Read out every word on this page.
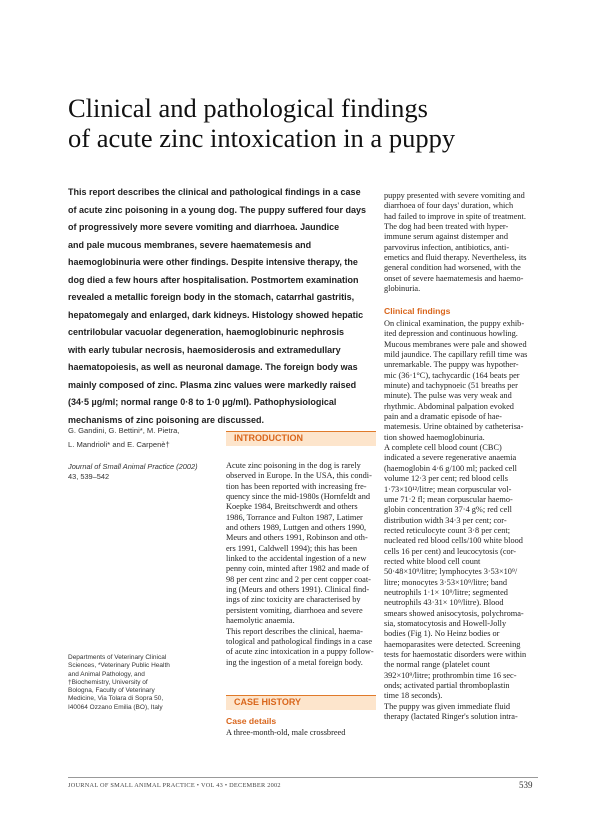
Clinical and pathological findings
of acute zinc intoxication in a puppy
This report describes the clinical and pathological findings in a case
of acute zinc poisoning in a young dog. The puppy suffered four days
of progressively more severe vomiting and diarrhoea. Jaundice
and pale mucous membranes, severe haematemesis and
haemoglobinuria were other findings. Despite intensive therapy, the
dog died a few hours after hospitalisation. Postmortem examination
revealed a metallic foreign body in the stomach, catarrhal gastritis,
hepatomegaly and enlarged, dark kidneys. Histology showed hepatic
centrilobular vacuolar degeneration, haemoglobinuric nephrosis
with early tubular necrosis, haemosiderosis and extramedullary
haematopoiesis, as well as neuronal damage. The foreign body was
mainly composed of zinc. Plasma zinc values were markedly raised
(34·5 µg/ml; normal range 0·8 to 1·0 µg/ml). Pathophysiological
mechanisms of zinc poisoning are discussed.
G. Gandini, G. Bettini*, M. Pietra,
L. Mandrioli* and E. Carpenè†
Journal of Small Animal Practice (2002)
43, 539–542
Departments of Veterinary Clinical
Sciences, *Veterinary Public Health
and Animal Pathology, and
†Biochemistry, University of
Bologna, Faculty of Veterinary
Medicine, Via Tolara di Sopra 50,
I40064 Ozzano Emilia (BO), Italy
INTRODUCTION
Acute zinc poisoning in the dog is rarely
observed in Europe. In the USA, this condi-
tion has been reported with increasing fre-
quency since the mid-1980s (Hornfeldt and
Koepke 1984, Breitschwerdt and others
1986, Torrance and Fulton 1987, Latimer
and others 1989, Luttgen and others 1990,
Meurs and others 1991, Robinson and oth-
ers 1991, Caldwell 1994); this has been
linked to the accidental ingestion of a new
penny coin, minted after 1982 and made of
98 per cent zinc and 2 per cent copper coat-
ing (Meurs and others 1991). Clinical find-
ings of zinc toxicity are characterised by
persistent vomiting, diarrhoea and severe
haemolytic anaemia.
This report describes the clinical, haema-
tological and pathological findings in a case
of acute zinc intoxication in a puppy follow-
ing the ingestion of a metal foreign body.
CASE HISTORY
Case details
A three-month-old, male crossbreed
puppy presented with severe vomiting and
diarrhoea of four days' duration, which
had failed to improve in spite of treatment.
The dog had been treated with hyper-
immune serum against distemper and
parvovirus infection, antibiotics, anti-
emetics and fluid therapy. Nevertheless, its
general condition had worsened, with the
onset of severe haematemesis and haemo-
globinuria.
Clinical findings
On clinical examination, the puppy exhib-
ited depression and continuous howling.
Mucous membranes were pale and showed
mild jaundice. The capillary refill time was
unremarkable. The puppy was hypother-
mic (36·1°C), tachycardic (164 beats per
minute) and tachypnoeic (51 breaths per
minute). The pulse was very weak and
rhythmic. Abdominal palpation evoked
pain and a dramatic episode of hae-
matemesis. Urine obtained by catheterisa-
tion showed haemoglobinuria.
A complete cell blood count (CBC)
indicated a severe regenerative anaemia
(haemoglobin 4·6 g/100 ml; packed cell
volume 12·3 per cent; red blood cells
1·73×10¹²/litre; mean corpuscular vol-
ume 71·2 fl; mean corpuscular haemo-
globin concentration 37·4 g%; red cell
distribution width 34·3 per cent; cor-
rected reticulocyte count 3·8 per cent;
nucleated red blood cells/100 white blood
cells 16 per cent) and leucocytosis (cor-
rected white blood cell count
50·48×10⁹/litre; lymphocytes 3·53×10⁹/
litre; monocytes 3·53×10⁹/litre; band
neutrophils 1·1× 10⁹/litre; segmented
neutrophils 43·31× 10⁹/litre). Blood
smears showed anisocytosis, polychroma-
sia, stomatocytosis and Howell-Jolly
bodies (Fig 1). No Heinz bodies or
haemoparasites were detected. Screening
tests for haemostatic disorders were within
the normal range (platelet count
392×10⁹/litre; prothrombin time 16 sec-
onds; activated partial thromboplastin
time 18 seconds).
The puppy was given immediate fluid
therapy (lactated Ringer's solution intra-
JOURNAL OF SMALL ANIMAL PRACTICE • VOL 43 • DECEMBER 2002	539
